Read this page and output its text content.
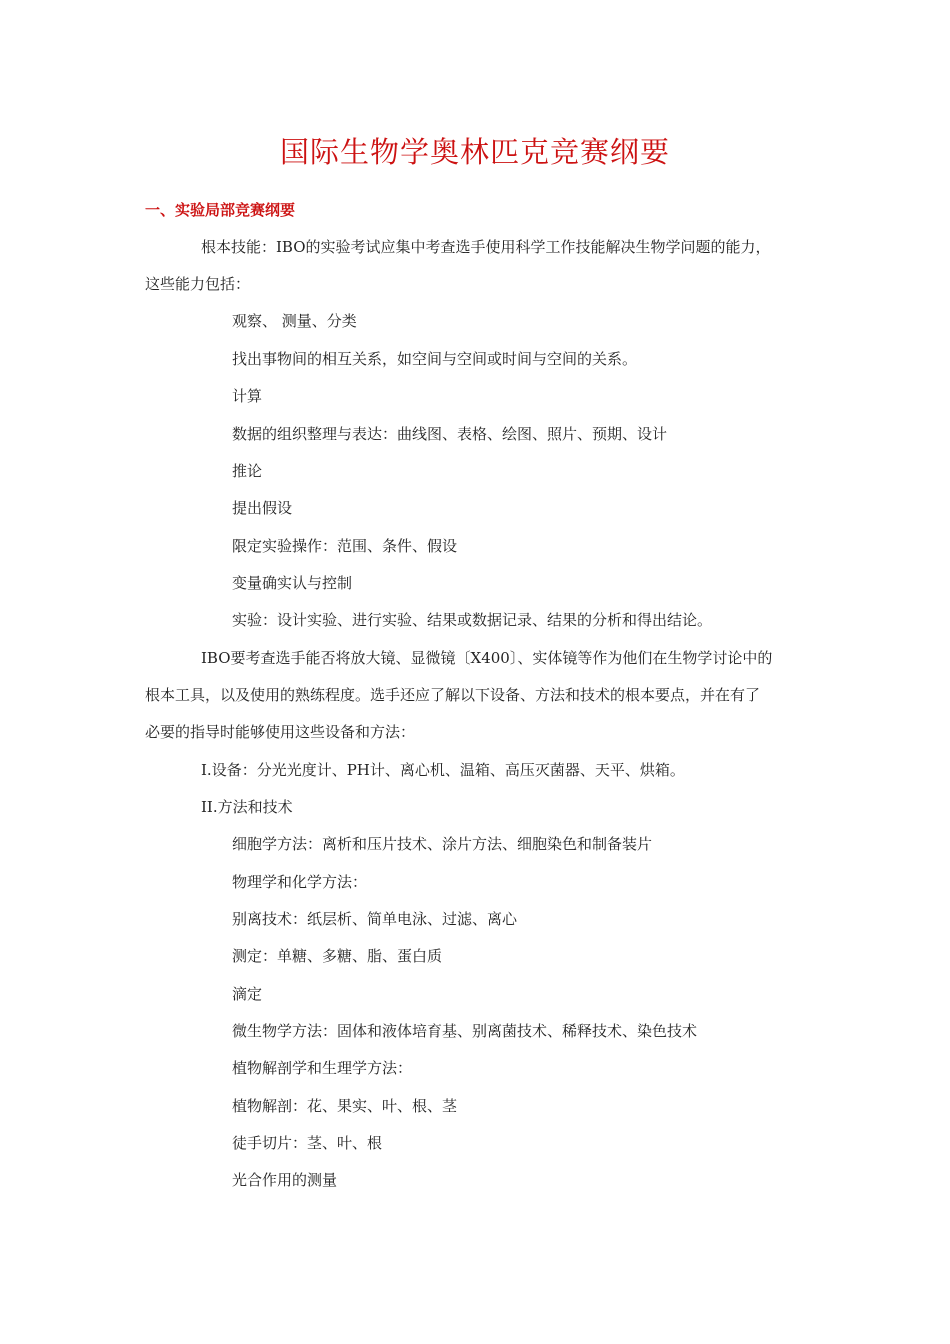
国际生物学奥林匹克竞赛纲要
一、实验局部竞赛纲要
根本技能：IBO的实验考试应集中考查选手使用科学工作技能解决生物学问题的能力，
这些能力包括：
观察、 测量、分类
找出事物间的相互关系，如空间与空间或时间与空间的关系。
计算
数据的组织整理与表达：曲线图、表格、绘图、照片、预期、设计
推论
提出假设
限定实验操作：范围、条件、假设
变量确实认与控制
实验：设计实验、进行实验、结果或数据记录、结果的分析和得出结论。
IBO要考查选手能否将放大镜、显微镜〔X400〕、实体镜等作为他们在生物学讨论中的
根本工具，以及使用的熟练程度。选手还应了解以下设备、方法和技术的根本要点，并在有了
必要的指导时能够使用这些设备和方法：
I.设备：分光光度计、PH计、离心机、温箱、高压灭菌器、天平、烘箱。
II.方法和技术
细胞学方法：离析和压片技术、涂片方法、细胞染色和制备装片
物理学和化学方法：
别离技术：纸层析、简单电泳、过滤、离心
测定：单糖、多糖、脂、蛋白质
滴定
微生物学方法：固体和液体培育基、别离菌技术、稀释技术、染色技术
植物解剖学和生理学方法：
植物解剖：花、果实、叶、根、茎
徒手切片：茎、叶、根
光合作用的测量
